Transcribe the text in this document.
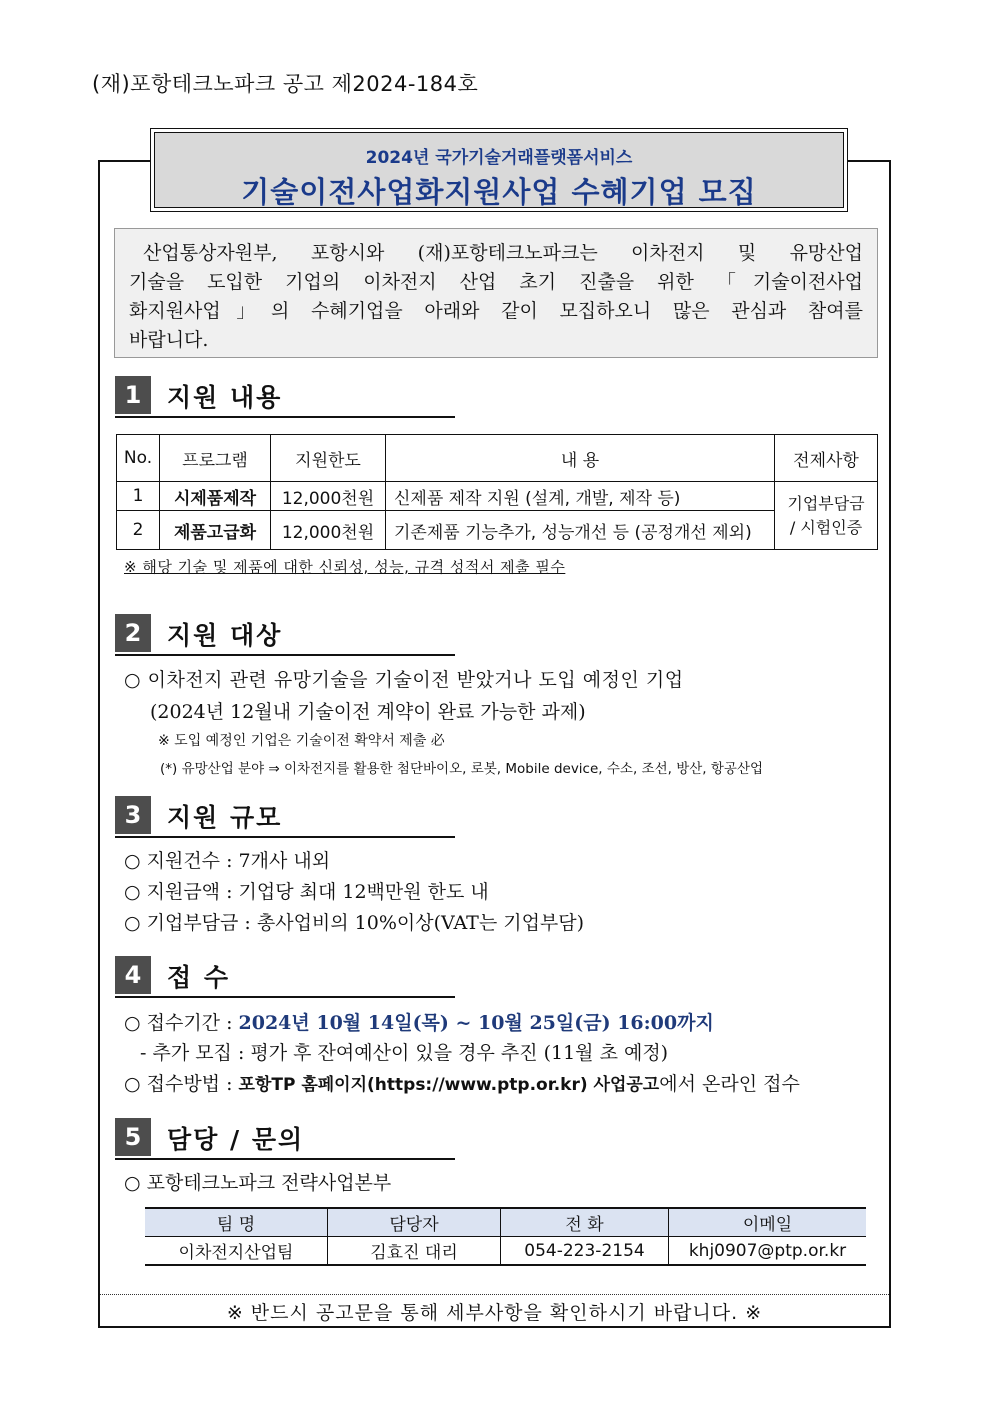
(재)포항테크노파크 공고 제2024-184호
2024년 국가기술거래플랫폼서비스
기술이전사업화지원사업 수혜기업 모집
산업통상자원부, 포항시와 (재)포항테크노파크는 이차전지 및 유망산업
기술을 도입한 기업의 이차전지 산업 초기 진출을 위한 「기술이전사업
화지원사업」의 수혜기업을 아래와 같이 모집하오니 많은 관심과 참여를
바랍니다.
1	지원 내용
No.	프로그램	지원한도	내 용	전제사항
1	시제품제작	12,000천원	신제품 제작 지원 (설계, 개발, 제작 등)	기업부담금
/ 시험인증
2	제품고급화	12,000천원	기존제품 기능추가, 성능개선 등 (공정개선 제외)	
※ 해당 기술 및 제품에 대한 신뢰성, 성능, 규격 성적서 제출 필수
2	지원 대상
○ 이차전지 관련 유망기술을 기술이전 받았거나 도입 예정인 기업
(2024년 12월내 기술이전 계약이 완료 가능한 과제)
※ 도입 예정인 기업은 기술이전 확약서 제출 必
(*) 유망산업 분야 ⇒ 이차전지를 활용한 첨단바이오, 로봇, Mobile device, 수소, 조선, 방산, 항공산업
3	지원 규모
○ 지원건수 : 7개사 내외
○ 지원금액 : 기업당 최대 12백만원 한도 내
○ 기업부담금 : 총사업비의 10%이상(VAT는 기업부담)
4	접 수
○ 접수기간 : 2024년 10월 14일(목) ~ 10월 25일(금) 16:00까지
- 추가 모집 : 평가 후 잔여예산이 있을 경우 추진 (11월 초 예정)
○ 접수방법 : 포항TP 홈페이지(https://www.ptp.or.kr) 사업공고에서 온라인 접수
5	담당 / 문의
○ 포항테크노파크 전략사업본부
팀 명	담당자	전 화	이메일
이차전지산업팀	김효진 대리	054-223-2154	khj0907@ptp.or.kr
※ 반드시 공고문을 통해 세부사항을 확인하시기 바랍니다. ※
